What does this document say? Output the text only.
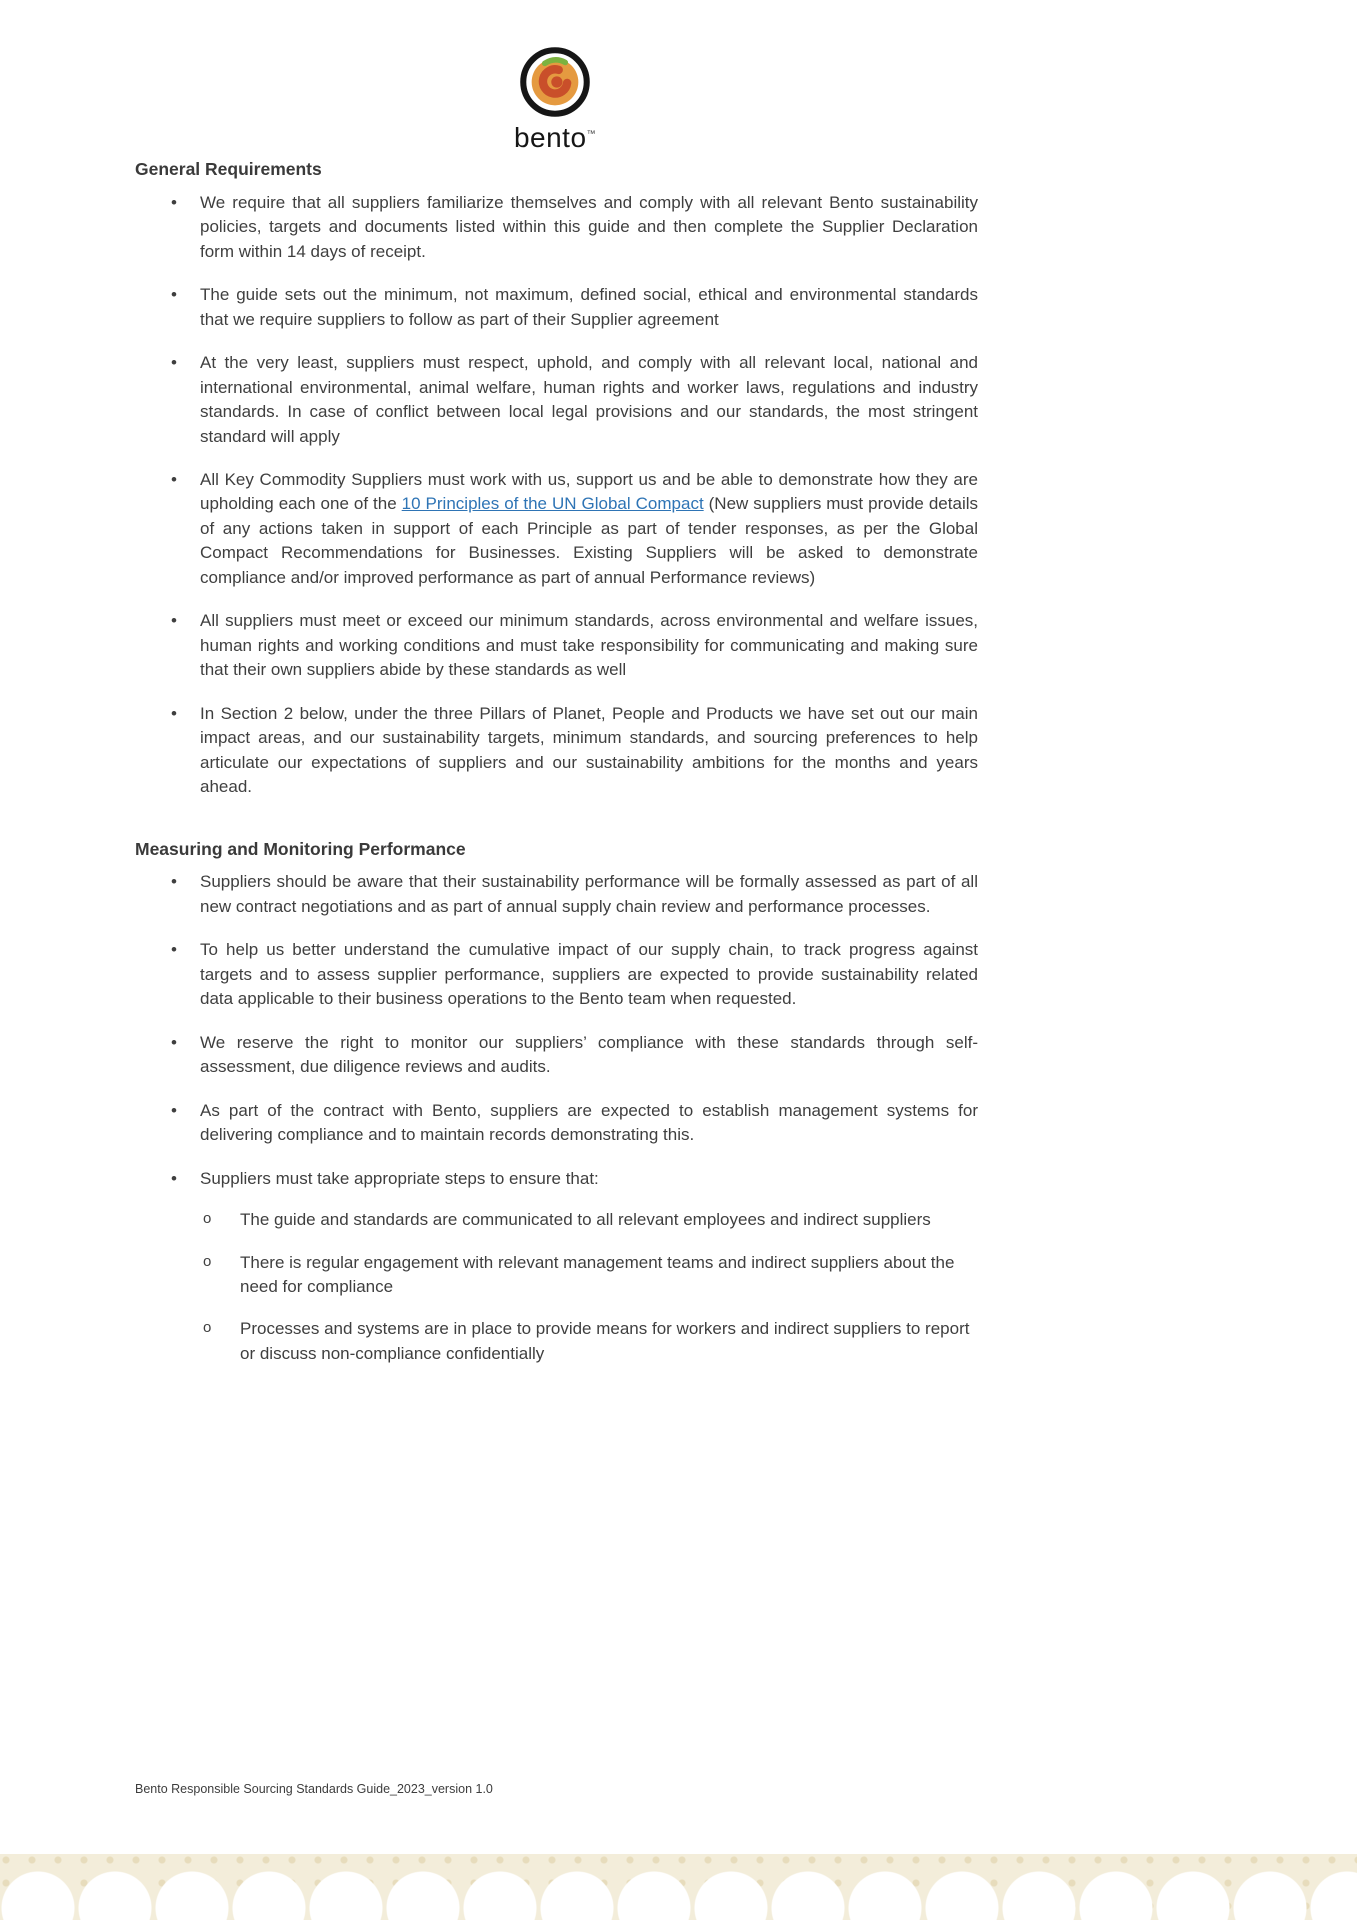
bento™
General Requirements
• We require that all suppliers familiarize themselves and comply with all relevant Bento sustainability policies, targets and documents listed within this guide and then complete the Supplier Declaration form within 14 days of receipt.
• The guide sets out the minimum, not maximum, defined social, ethical and environmental standards that we require suppliers to follow as part of their Supplier agreement
• At the very least, suppliers must respect, uphold, and comply with all relevant local, national and international environmental, animal welfare, human rights and worker laws, regulations and industry standards. In case of conflict between local legal provisions and our standards, the most stringent standard will apply
• All Key Commodity Suppliers must work with us, support us and be able to demonstrate how they are upholding each one of the 10 Principles of the UN Global Compact (New suppliers must provide details of any actions taken in support of each Principle as part of tender responses, as per the Global Compact Recommendations for Businesses. Existing Suppliers will be asked to demonstrate compliance and/or improved performance as part of annual Performance reviews)
• All suppliers must meet or exceed our minimum standards, across environmental and welfare issues, human rights and working conditions and must take responsibility for communicating and making sure that their own suppliers abide by these standards as well
• In Section 2 below, under the three Pillars of Planet, People and Products we have set out our main impact areas, and our sustainability targets, minimum standards, and sourcing preferences to help articulate our expectations of suppliers and our sustainability ambitions for the months and years ahead.
Measuring and Monitoring Performance
• Suppliers should be aware that their sustainability performance will be formally assessed as part of all new contract negotiations and as part of annual supply chain review and performance processes.
• To help us better understand the cumulative impact of our supply chain, to track progress against targets and to assess supplier performance, suppliers are expected to provide sustainability related data applicable to their business operations to the Bento team when requested.
• We reserve the right to monitor our suppliers’ compliance with these standards through self-assessment, due diligence reviews and audits.
• As part of the contract with Bento, suppliers are expected to establish management systems for delivering compliance and to maintain records demonstrating this.
• Suppliers must take appropriate steps to ensure that:
o The guide and standards are communicated to all relevant employees and indirect suppliers
o There is regular engagement with relevant management teams and indirect suppliers about the need for compliance
o Processes and systems are in place to provide means for workers and indirect suppliers to report or discuss non-compliance confidentially
Bento Responsible Sourcing Standards Guide_2023_version 1.0
